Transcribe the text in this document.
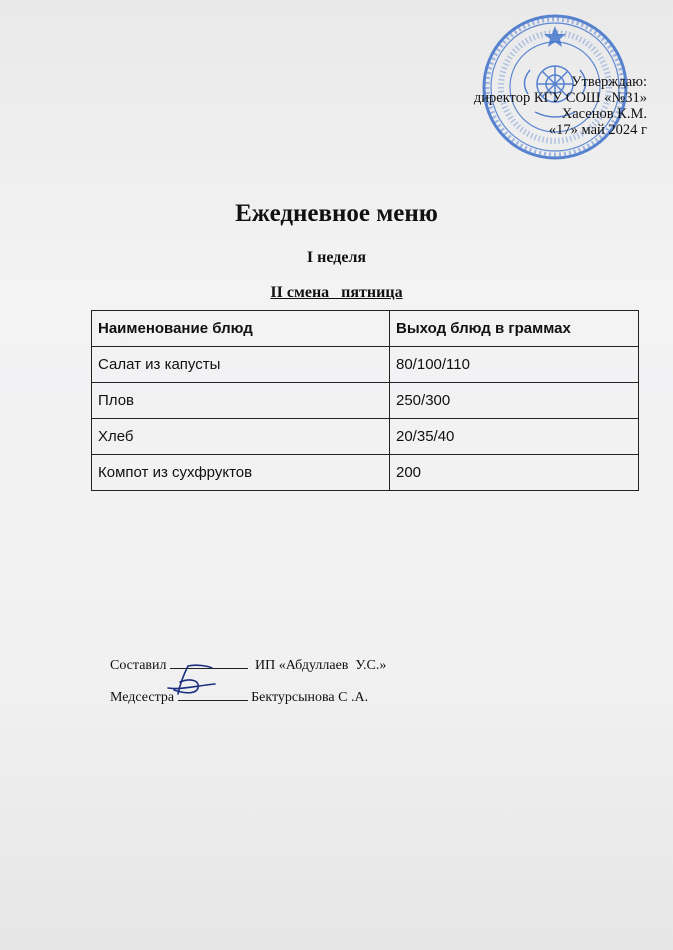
Утверждаю:
директор КГУ СОШ «№31»
Хасенов К.М.
«17» май 2024 г
Ежедневное меню
I неделя
II смена   пятница
Наименование блюд	Выход блюд в граммах
Салат из капусты	80/100/110
Плов	250/300
Хлеб	20/35/40
Компот из сухфруктов	200

Составил	ИП «Абдуллаев  У.С.»

Медсестра	Бектурсынова С .А.
